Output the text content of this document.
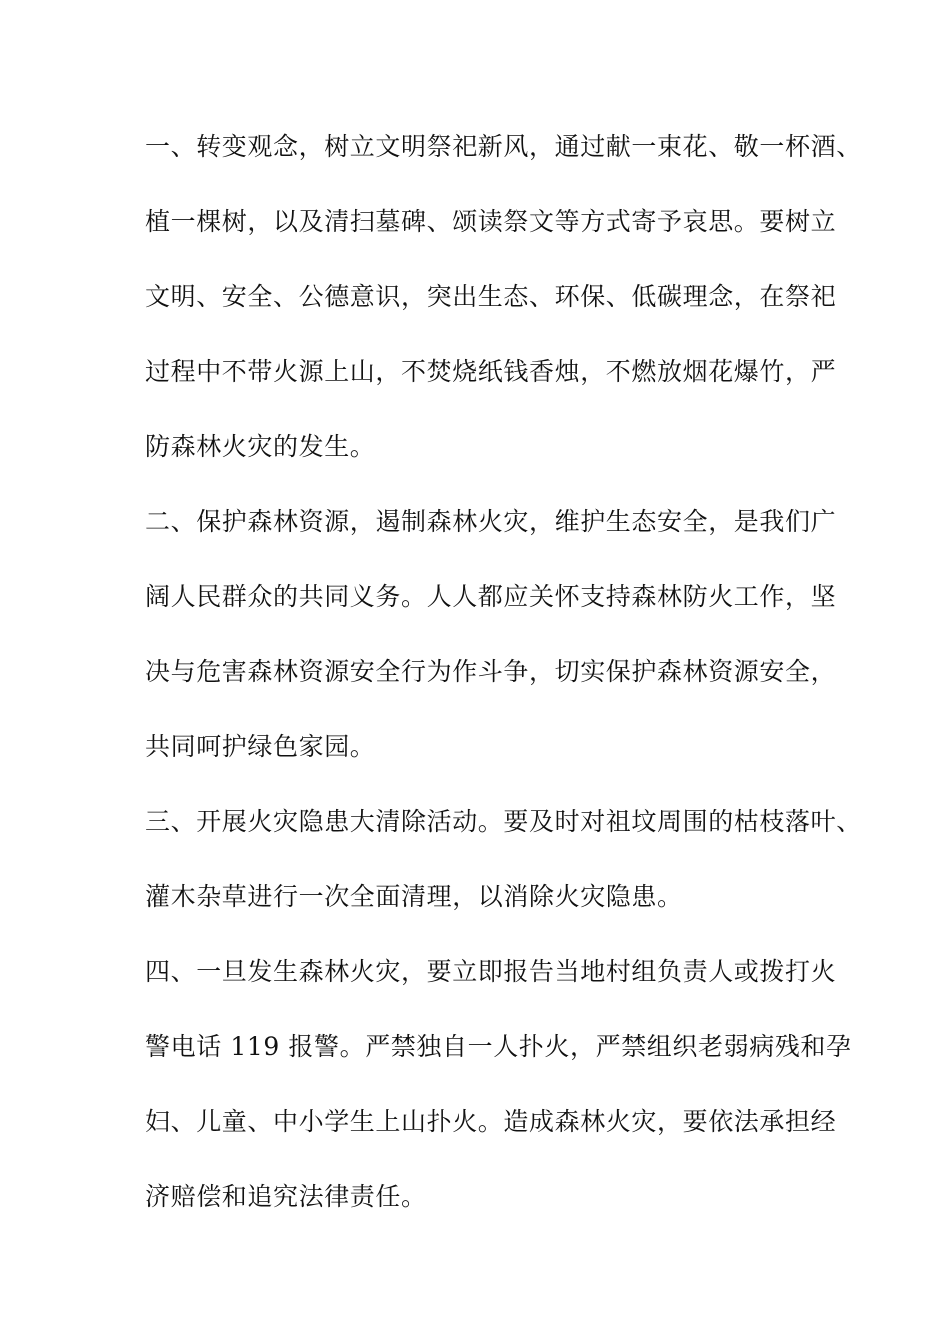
一、转变观念，树立文明祭祀新风，通过献一束花、敬一杯酒、
植一棵树，以及清扫墓碑、颂读祭文等方式寄予哀思。要树立
文明、安全、公德意识，突出生态、环保、低碳理念，在祭祀
过程中不带火源上山，不焚烧纸钱香烛，不燃放烟花爆竹，严
防森林火灾的发生。
二、保护森林资源，遏制森林火灾，维护生态安全，是我们广
阔人民群众的共同义务。人人都应关怀支持森林防火工作，坚
决与危害森林资源安全行为作斗争，切实保护森林资源安全，
共同呵护绿色家园。
三、开展火灾隐患大清除活动。要及时对祖坟周围的枯枝落叶、
灌木杂草进行一次全面清理，以消除火灾隐患。
四、一旦发生森林火灾，要立即报告当地村组负责人或拨打火
警电话 119 报警。严禁独自一人扑火，严禁组织老弱病残和孕
妇、儿童、中小学生上山扑火。造成森林火灾，要依法承担经
济赔偿和追究法律责任。
